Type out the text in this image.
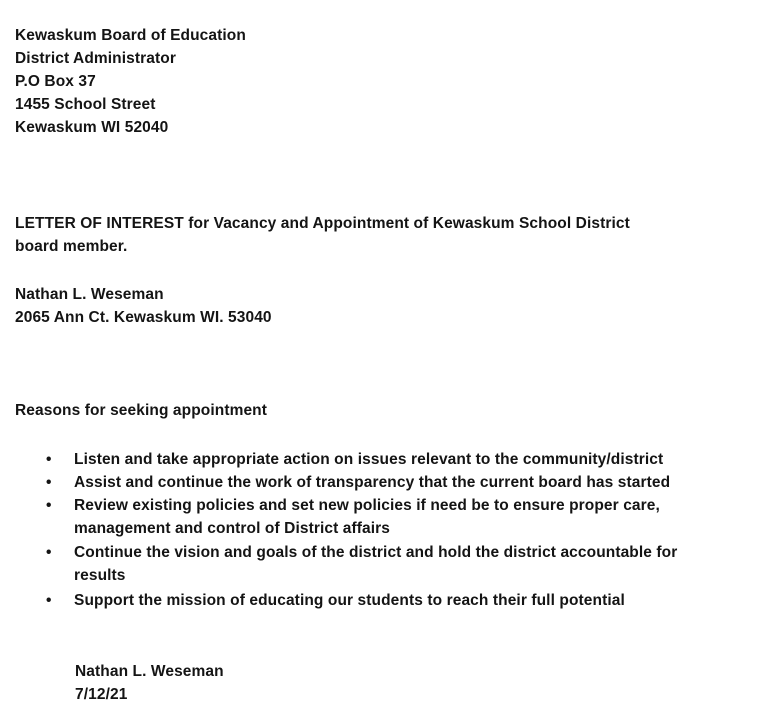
Kewaskum Board of Education
District Administrator
P.O Box 37
1455 School Street
Kewaskum WI 52040
LETTER OF INTEREST for Vacancy and Appointment of Kewaskum School District
board member.
Nathan L. Weseman
2065 Ann Ct. Kewaskum WI. 53040
Reasons for seeking appointment
•	Listen and take appropriate action on issues relevant to the community/district
•	Assist and continue the work of transparency that the current board has started
•	Review existing policies and set new policies if need be to ensure proper care,
management and control of District affairs
•	Continue the vision and goals of the district and hold the district accountable for
results
•	Support the mission of educating our students to reach their full potential
Nathan L. Weseman
7/12/21
